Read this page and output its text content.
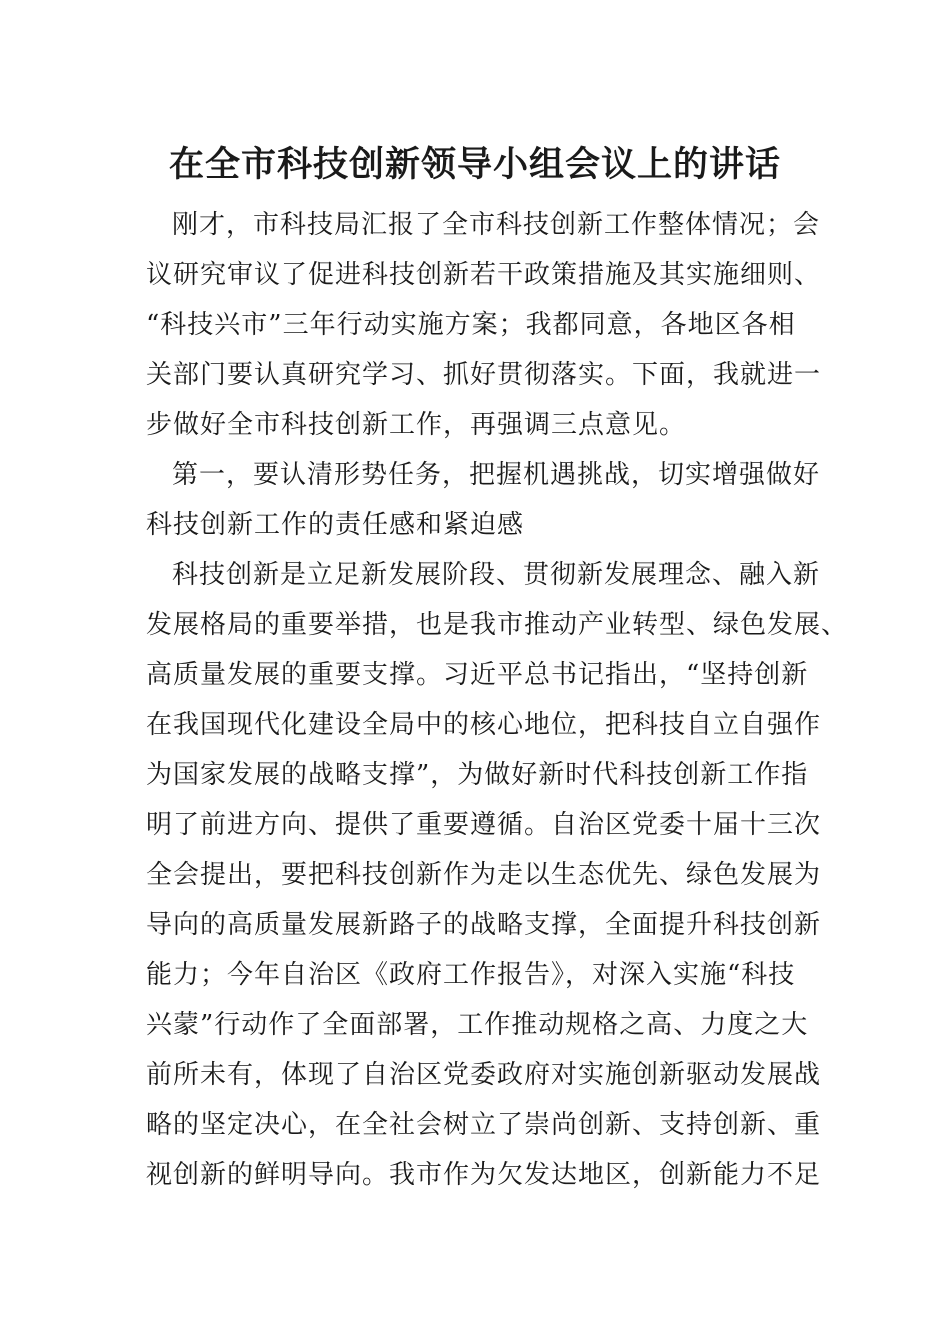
在全市科技创新领导小组会议上的讲话
刚才，市科技局汇报了全市科技创新工作整体情况；会
议研究审议了促进科技创新若干政策措施及其实施细则、
“科技兴市”三年行动实施方案；我都同意，各地区各相
关部门要认真研究学习、抓好贯彻落实。下面，我就进一
步做好全市科技创新工作，再强调三点意见。
第一，要认清形势任务，把握机遇挑战，切实增强做好
科技创新工作的责任感和紧迫感
科技创新是立足新发展阶段、贯彻新发展理念、融入新
发展格局的重要举措，也是我市推动产业转型、绿色发展、
高质量发展的重要支撑。习近平总书记指出，“坚持创新
在我国现代化建设全局中的核心地位，把科技自立自强作
为国家发展的战略支撑”，为做好新时代科技创新工作指
明了前进方向、提供了重要遵循。自治区党委十届十三次
全会提出，要把科技创新作为走以生态优先、绿色发展为
导向的高质量发展新路子的战略支撑，全面提升科技创新
能力；今年自治区《政府工作报告》，对深入实施“科技
兴蒙”行动作了全面部署，工作推动规格之高、力度之大
前所未有，体现了自治区党委政府对实施创新驱动发展战
略的坚定决心，在全社会树立了崇尚创新、支持创新、重
视创新的鲜明导向。我市作为欠发达地区，创新能力不足
